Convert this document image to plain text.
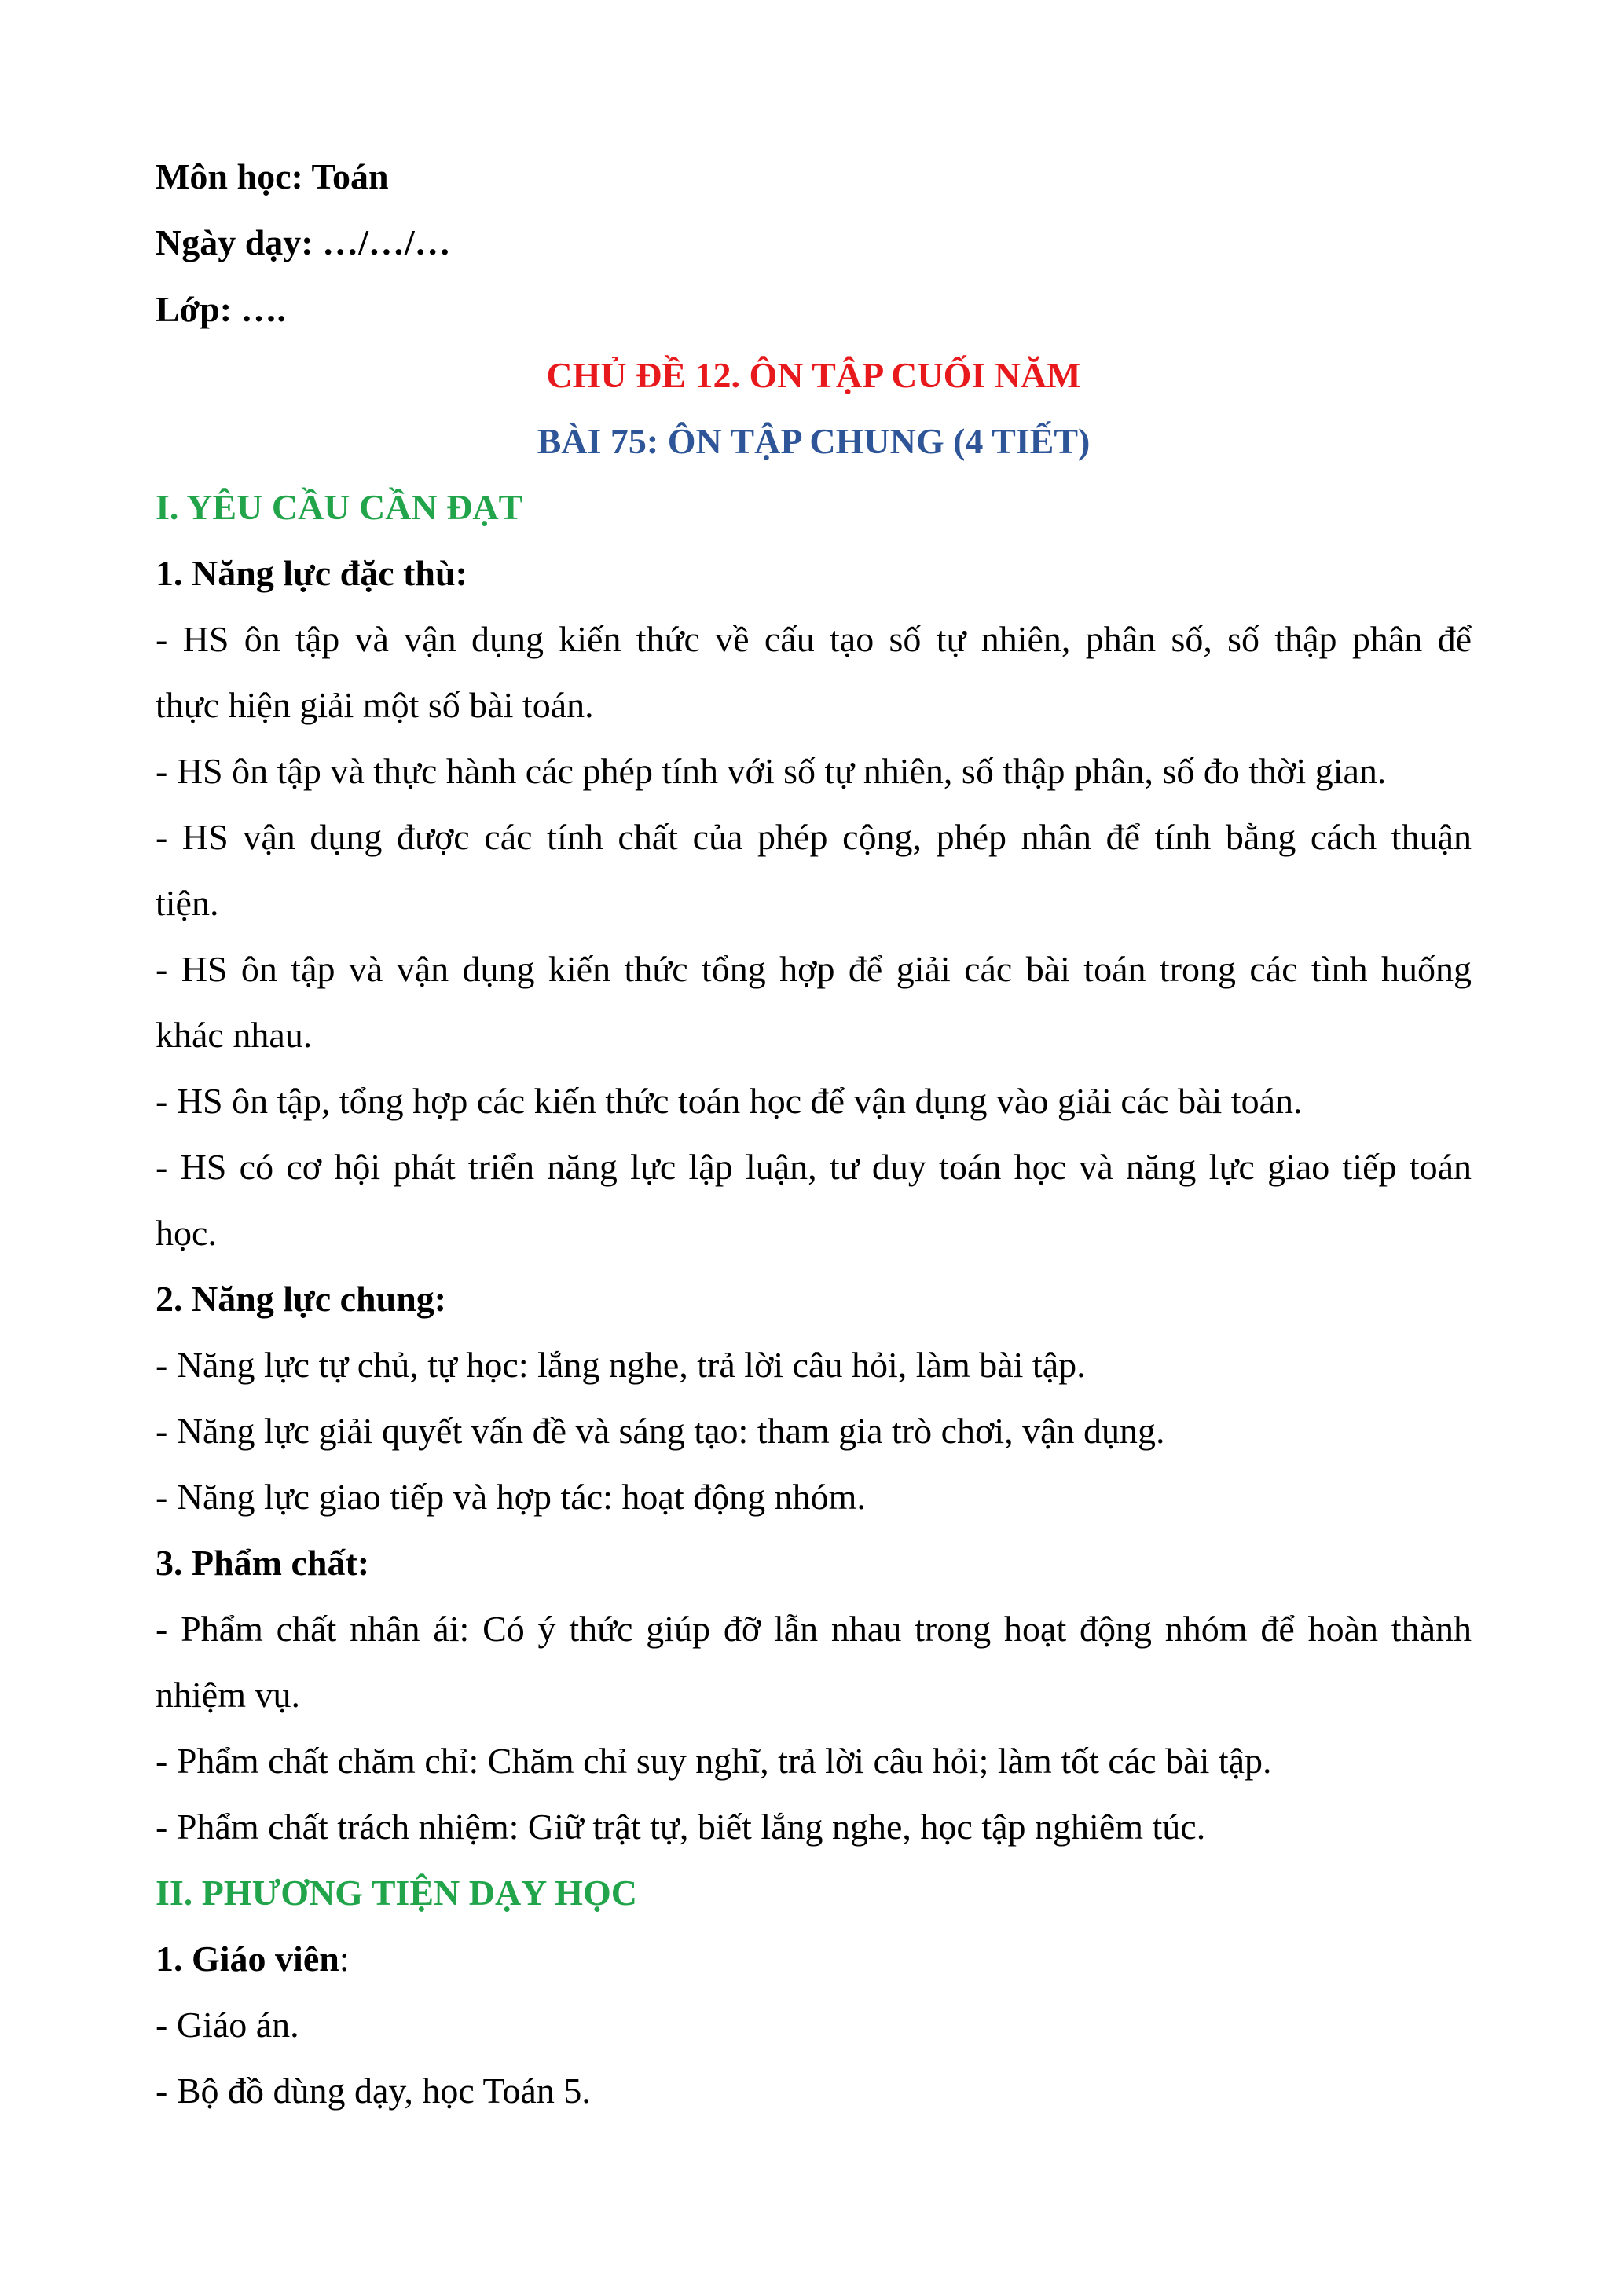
Môn học: Toán
Ngày dạy: …/…/…
Lớp: ….
CHỦ ĐỀ 12. ÔN TẬP CUỐI NĂM
BÀI 75: ÔN TẬP CHUNG (4 TIẾT)
I. YÊU CẦU CẦN ĐẠT
1. Năng lực đặc thù:
- HS ôn tập và vận dụng kiến thức về cấu tạo số tự nhiên, phân số, số thập phân để
thực hiện giải một số bài toán.
- HS ôn tập và thực hành các phép tính với số tự nhiên, số thập phân, số đo thời gian.
- HS vận dụng được các tính chất của phép cộng, phép nhân để tính bằng cách thuận
tiện.
- HS ôn tập và vận dụng kiến thức tổng hợp để giải các bài toán trong các tình huống
khác nhau.
- HS ôn tập, tổng hợp các kiến thức toán học để vận dụng vào giải các bài toán.
- HS có cơ hội phát triển năng lực lập luận, tư duy toán học và năng lực giao tiếp toán
học.
2. Năng lực chung:
- Năng lực tự chủ, tự học: lắng nghe, trả lời câu hỏi, làm bài tập.
- Năng lực giải quyết vấn đề và sáng tạo: tham gia trò chơi, vận dụng.
- Năng lực giao tiếp và hợp tác: hoạt động nhóm.
3. Phẩm chất:
- Phẩm chất nhân ái: Có ý thức giúp đỡ lẫn nhau trong hoạt động nhóm để hoàn thành
nhiệm vụ.
- Phẩm chất chăm chỉ: Chăm chỉ suy nghĩ, trả lời câu hỏi; làm tốt các bài tập.
- Phẩm chất trách nhiệm: Giữ trật tự, biết lắng nghe, học tập nghiêm túc.
II. PHƯƠNG TIỆN DẠY HỌC
1. Giáo viên:
- Giáo án.
- Bộ đồ dùng dạy, học Toán 5.
